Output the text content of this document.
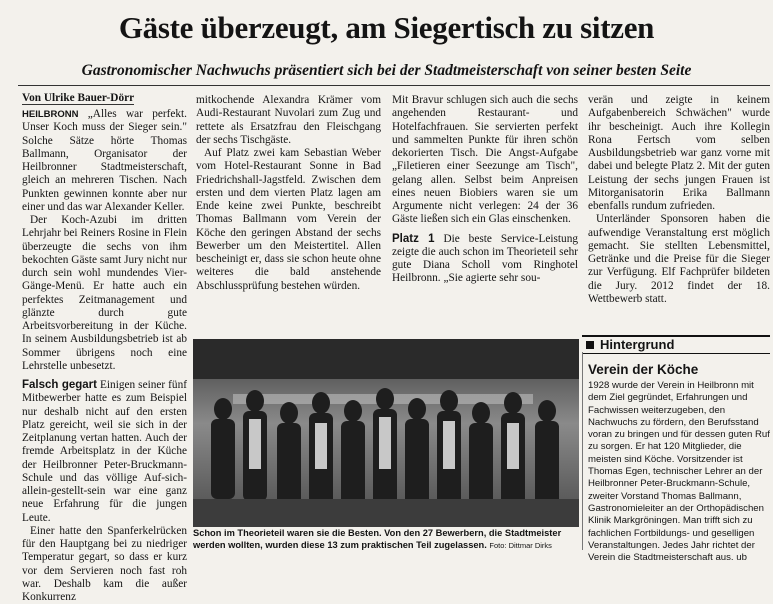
Gäste überzeugt, am Siegertisch zu sitzen
Gastronomischer Nachwuchs präsentiert sich bei der Stadtmeisterschaft von seiner besten Seite
Von Ulrike Bauer-Dörr

HEILBRONN „Alles war perfekt. Unser Koch muss der Sieger sein." Solche Sätze hörte Thomas Ballmann, Organisator der Heilbronner Stadtmeisterschaft, gleich an mehreren Tischen. Nach Punkten gewinnen konnte aber nur einer und das war Alexander Keller.

Der Koch-Azubi im dritten Lehrjahr bei Reiners Rosine in Flein überzeugte die sechs von ihm bekochten Gäste samt Jury nicht nur durch sein wohl mundendes Vier-Gänge-Menü. Er hatte auch ein perfektes Zeitmanagement und glänzte durch gute Arbeitsvorbereitung in der Küche. In seinem Ausbildungsbetrieb ist ab Sommer übrigens noch eine Lehrstelle unbesetzt.

Falsch gegart Einigen seiner fünf Mitbewerber hatte es zum Beispiel nur deshalb nicht auf den ersten Platz gereicht, weil sie sich in der Zeitplanung vertan hatten. Auch der fremde Arbeitsplatz in der Küche der Heilbronner Peter-Bruckmann-Schule und das völlige Auf-sich-allein-gestellt-sein war eine ganz neue Erfahrung für die jungen Leute.

Einer hatte den Spanferkelrücken für den Hauptgang bei zu niedriger Temperatur gegart, so dass er kurz vor dem Servieren noch fast roh war. Deshalb kam die außer Konkurrenz

mitkochende Alexandra Krämer vom Audi-Restaurant Nuvolari zum Zug und rettete als Ersatzfrau den Fleischgang der sechs Tischgäste.

Auf Platz zwei kam Sebastian Weber vom Hotel-Restaurant Sonne in Bad Friedrichshall-Jagstfeld. Zwischen dem ersten und dem vierten Platz lagen am Ende keine zwei Punkte, beschreibt Thomas Ballmann vom Verein der Köche den geringen Abstand der sechs Bewerber um den Meistertitel. Allen bescheinigt er, dass sie schon heute ohne weiteres die bald anstehende Abschlussprüfung bestehen würden.

Mit Bravur schlugen sich auch die sechs angehenden Restaurant- und Hotelfachfrauen. Sie servierten perfekt und sammelten Punkte für ihren schön dekorierten Tisch. Die Angst-Aufgabe „Filetieren einer Seezunge am Tisch", gelang allen. Selbst beim Anpreisen eines neuen Biobiers waren sie um Argumente nicht verlegen: 24 der 36 Gäste ließen sich ein Glas einschenken.

Platz 1 Die beste Service-Leistung zeigte die auch schon im Theorieteil sehr gute Diana Scholl vom Ringhotel Heilbronn. „Sie agierte sehr sou-

verän und zeigte in keinem Aufgabenbereich Schwächen" wurde ihr bescheinigt. Auch ihre Kollegin Rona Fertsch vom selben Ausbildungsbetrieb war ganz vorne mit dabei und belegte Platz 2. Mit der guten Leistung der sechs jungen Frauen ist Mitorganisatorin Erika Ballmann ebenfalls rundum zufrieden.

Unterländer Sponsoren haben die aufwendige Veranstaltung erst möglich gemacht. Sie stellten Lebensmittel, Getränke und die Preise für die Sieger zur Verfügung. Elf Fachprüfer bildeten die Jury. 2012 findet der 18. Wettbewerb statt.

Schon im Theorieteil waren sie die Besten. Von den 27 Bewerbern, die Stadtmeister werden wollten, wurden diese 13 zum praktischen Teil zugelassen. Foto: Dittmar Dirks
Hintergrund
Verein der Köche

1928 wurde der Verein in Heilbronn mit dem Ziel gegründet, Erfahrungen und Fachwissen weiterzugeben, den Nachwuchs zu fördern, den Berufsstand voran zu bringen und für dessen guten Ruf zu sorgen. Er hat 120 Mitglieder, die meisten sind Köche. Vorsitzender ist Thomas Egen, technischer Lehrer an der Heilbronner Peter-Bruckmann-Schule, zweiter Vorstand Thomas Ballmann, Gastronomieleiter an der Orthopädischen Klinik Markgröningen. Man trifft sich zu fachlichen Fortbildungs- und geselligen Veranstaltungen. Jedes Jahr richtet der Verein die Stadtmeisterschaft aus. ub
